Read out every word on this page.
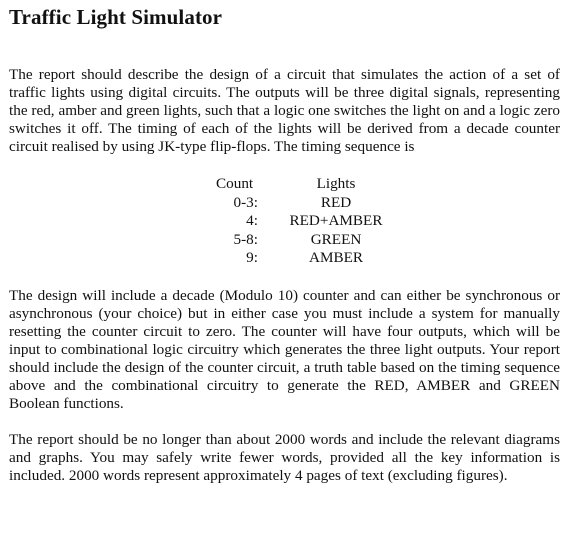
Traffic Light Simulator

The report should describe the design of a circuit that simulates the action of a set of traffic lights using digital circuits. The outputs will be three digital signals, representing the red, amber and green lights, such that a logic one switches the light on and a logic zero switches it off. The timing of each of the lights will be derived from a decade counter circuit realised by using JK-type flip-flops. The timing sequence is

Count	Lights
0-3:	RED
4:	RED+AMBER
5-8:	GREEN
9:	AMBER

The design will include a decade (Modulo 10) counter and can either be synchronous or asynchronous (your choice) but in either case you must include a system for manually resetting the counter circuit to zero. The counter will have four outputs, which will be input to combinational logic circuitry which generates the three light outputs. Your report should include the design of the counter circuit, a truth table based on the timing sequence above and the combinational circuitry to generate the RED, AMBER and GREEN Boolean functions.

The report should be no longer than about 2000 words and include the relevant diagrams and graphs. You may safely write fewer words, provided all the key information is included. 2000 words represent approximately 4 pages of text (excluding figures).
